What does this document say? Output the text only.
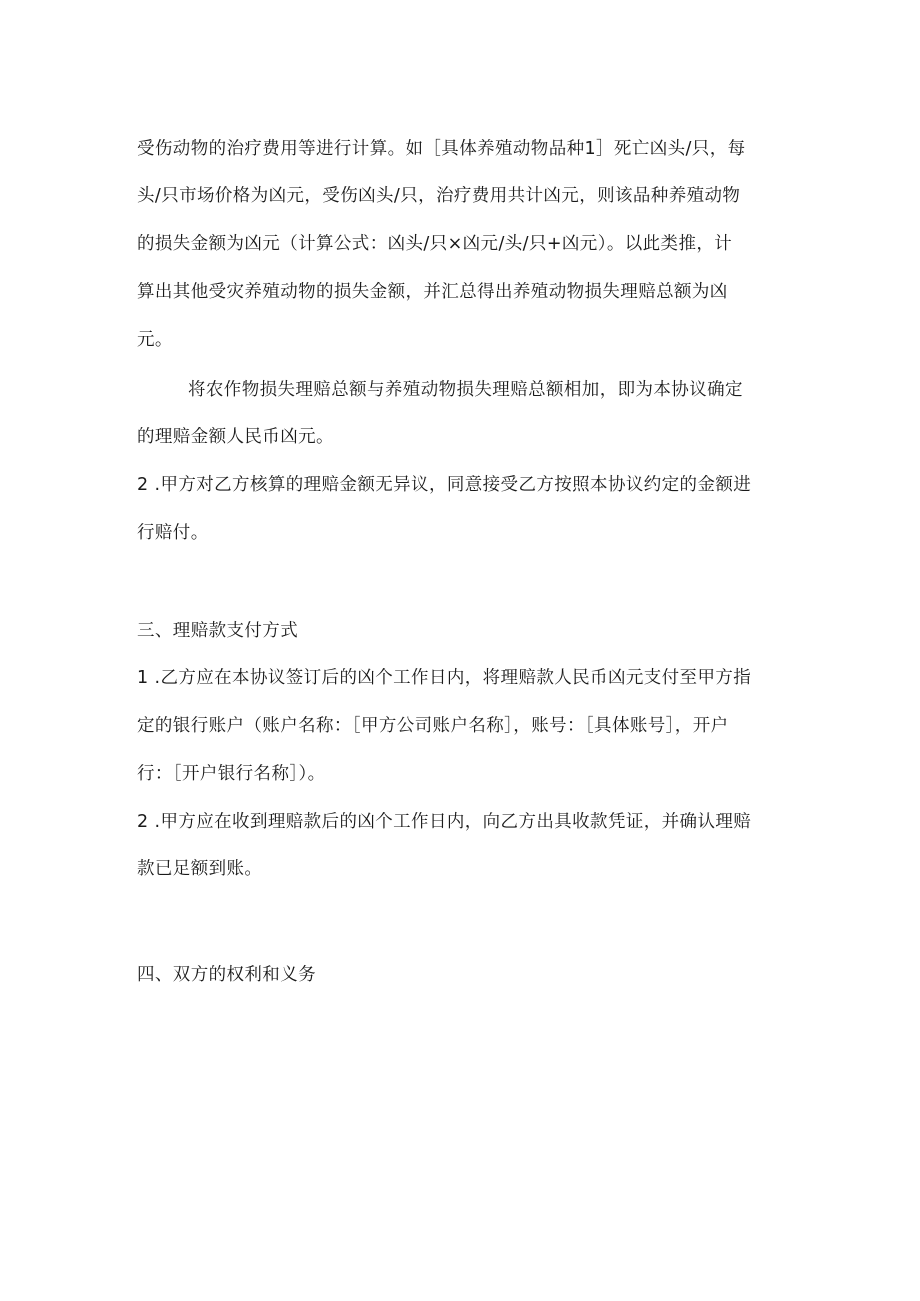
受伤动物的治疗费用等进行计算。如［具体养殖动物品种1］死亡凶头/只，每
头/只市场价格为凶元，受伤凶头/只，治疗费用共计凶元，则该品种养殖动物
的损失金额为凶元（计算公式：凶头/只×凶元/头/只+凶元）。以此类推，计
算出其他受灾养殖动物的损失金额，并汇总得出养殖动物损失理赔总额为凶
元。
将农作物损失理赔总额与养殖动物损失理赔总额相加，即为本协议确定
的理赔金额人民币凶元。
2 .甲方对乙方核算的理赔金额无异议，同意接受乙方按照本协议约定的金额进
行赔付。
三、理赔款支付方式
1 .乙方应在本协议签订后的凶个工作日内，将理赔款人民币凶元支付至甲方指
定的银行账户（账户名称：［甲方公司账户名称］，账号：［具体账号］，开户
行：［开户银行名称］）。
2 .甲方应在收到理赔款后的凶个工作日内，向乙方出具收款凭证，并确认理赔
款已足额到账。
四、双方的权利和义务
